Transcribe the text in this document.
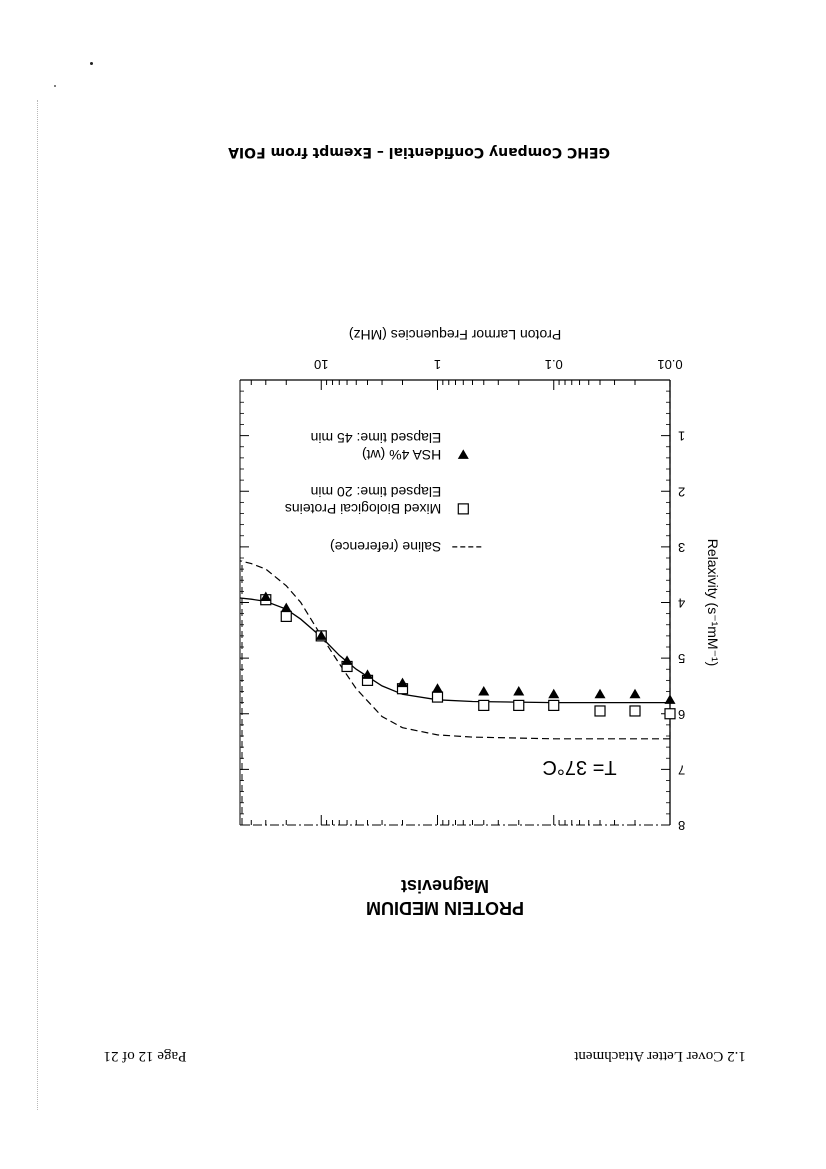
GEHC Company Confidential – Exempt from FOIA
0.01
0.1
1
10
1
2
3
4
5
6
7
8
Proton Larmor Frequencies (MHz)
Relaxivity (s⁻¹mM⁻¹)
PROTEIN MEDIUM
Magnevist
T= 37°C
Saline (reference)
Mixed Biologicai Proteins
Elapsed time: 20 min
HSA 4% (wt)
Elapsed time: 45 min
1.2 Cover Letter Attachment
Page 12 of 21
